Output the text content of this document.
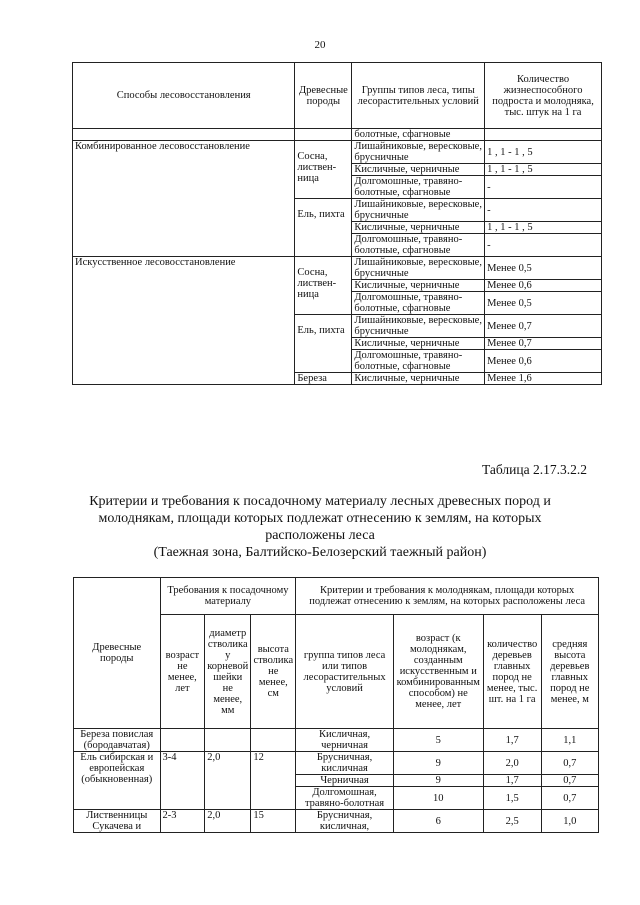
20
Способы лесовосстановления	Древесные породы	Группы типов леса, типы лесорастительных условий	Количество жизнеспособного подроста и молодняка, тыс. штук на 1 га
		болотные, сфагновые	
Комбинированное лесовосстановление	Сосна, листвен-ница	Лишайниковые, вересковые, брусничные	1 , 1 - 1 , 5
		Кисличные, черничные	1 , 1 - 1 , 5
		Долгомошные, травяно-болотные, сфагновые	-
	Ель, пихта	Лишайниковые, вересковые, брусничные	-
		Кисличные, черничные	1 , 1 - 1 , 5
		Долгомошные, травяно-болотные, сфагновые	-
Искусственное лесовосстановление	Сосна, листвен-ница	Лишайниковые, вересковые, брусничные	Менее 0,5
		Кисличные, черничные	Менее 0,6
		Долгомошные, травяно-болотные, сфагновые	Менее 0,5
	Ель, пихта	Лишайниковые, вересковые, брусничные	Менее 0,7
		Кисличные, черничные	Менее 0,7
		Долгомошные, травяно-болотные, сфагновые	Менее 0,6
	Береза	Кисличные, черничные	Менее 1,6
Таблица 2.17.3.2.2
Критерии и требования к посадочному материалу лесных древесных пород и
молоднякам, площади которых подлежат отнесению к землям, на которых
расположены леса
(Таежная зона, Балтийско-Белозерский таежный район)
Древесные породы	Требования к посадочному материалу			Критерии и требования к молоднякам, площади которых подлежат отнесению к землям, на которых расположены леса			
	возраст не менее, лет	диаметр стволика у корневой шейки не менее, мм	высота стволика не менее, см	группа типов леса или типов лесорастительных условий	возраст (к молоднякам, созданным искусственным и комбинированным способом) не менее, лет	количество деревьев главных пород не менее, тыс. шт. на 1 га	средняя высота деревьев главных пород не менее, м
Береза повислая (бородавчатая)				Кисличная, черничная	5	1,7	1,1
Ель сибирская и европейская (обыкновенная)	3-4	2,0	12	Брусничная, кисличная	9	2,0	0,7
				Черничная	9	1,7	0,7
				Долгомошная, травяно-болотная	10	1,5	0,7
Лиственницы Сукачева и	2-3	2,0	15	Брусничная, кисличная,	6	2,5	1,0
